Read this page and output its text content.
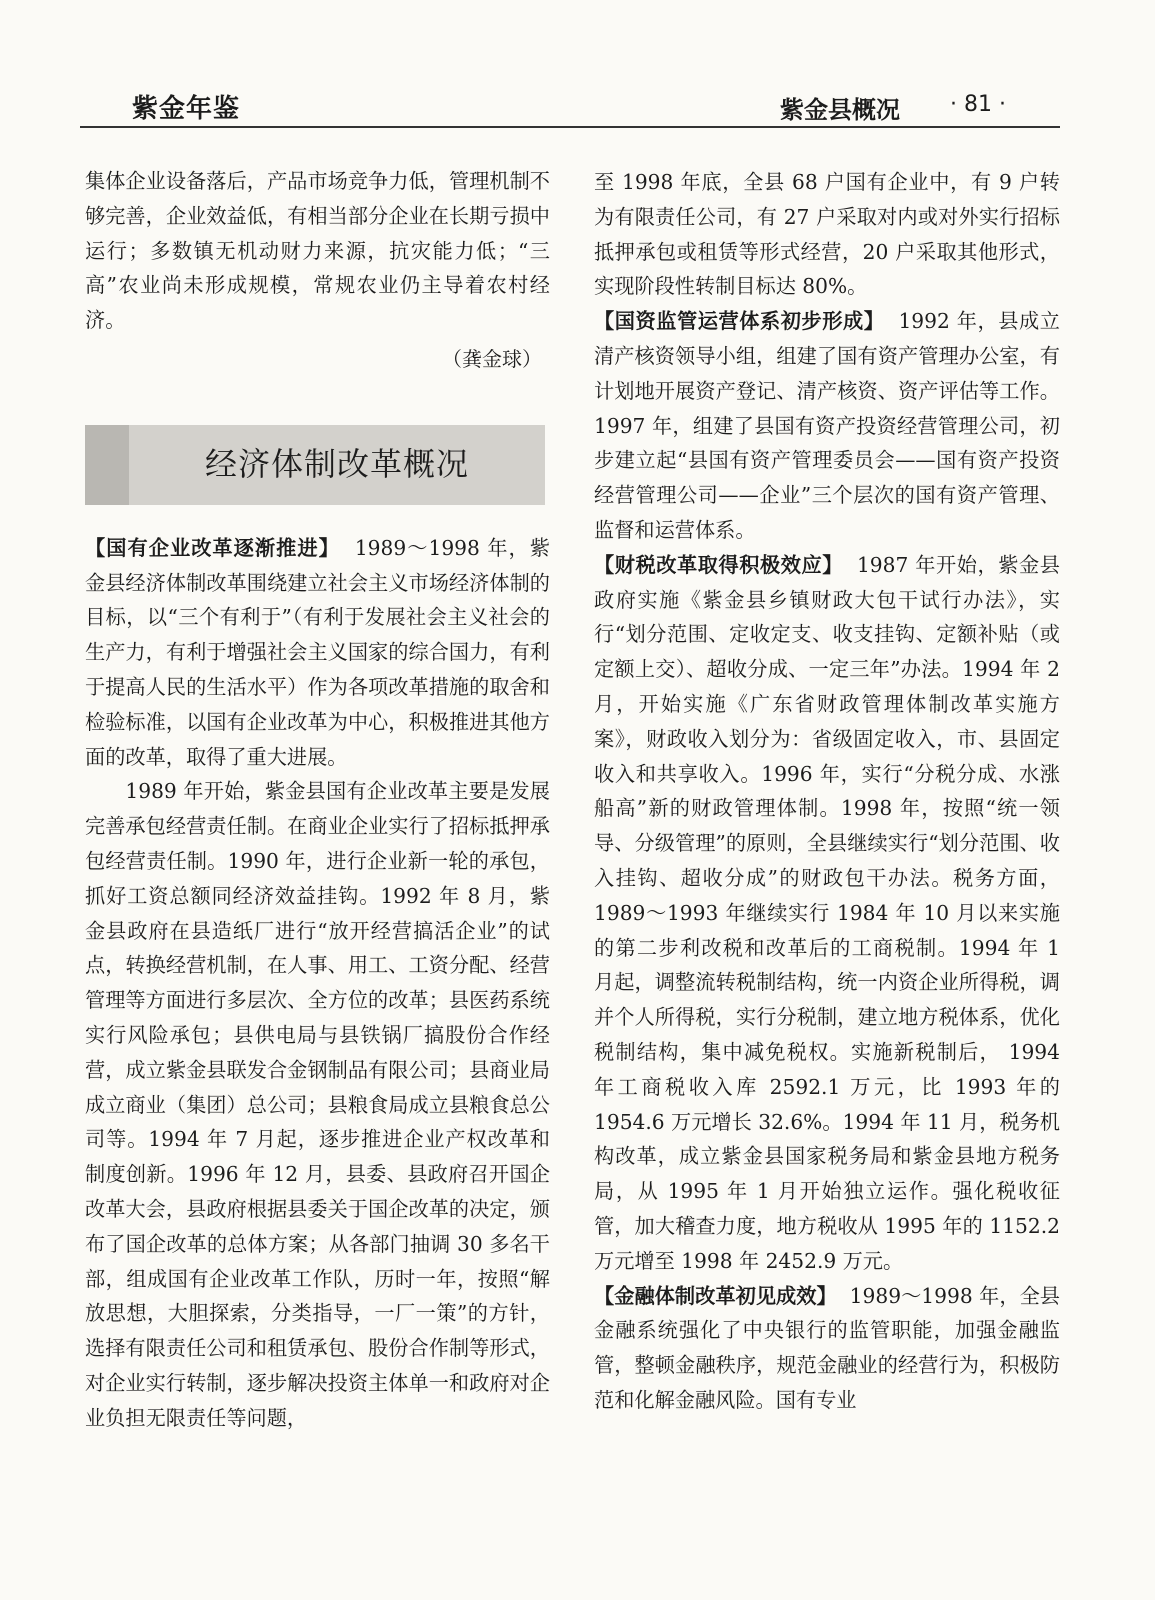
紫金年鉴	紫金县概况 · 81 ·

集体企业设备落后，产品市场竞争力低，管理机制不够完善，企业效益低，有相当部分企业在长期亏损中运行；多数镇无机动财力来源，抗灾能力低；“三高”农业尚未形成规模，常规农业仍主导着农村经济。

（龚金球）
经济体制改革概况

【国有企业改革逐渐推进】 1989～1998 年，紫金县经济体制改革围绕建立社会主义市场经济体制的目标，以“三个有利于”（有利于发展社会主义社会的生产力，有利于增强社会主义国家的综合国力，有利于提高人民的生活水平）作为各项改革措施的取舍和检验标准，以国有企业改革为中心，积极推进其他方面的改革，取得了重大进展。

1989 年开始，紫金县国有企业改革主要是发展完善承包经营责任制。在商业企业实行了招标抵押承包经营责任制。1990 年，进行企业新一轮的承包，抓好工资总额同经济效益挂钩。1992 年 8 月，紫金县政府在县造纸厂进行“放开经营搞活企业”的试点，转换经营机制，在人事、用工、工资分配、经营管理等方面进行多层次、全方位的改革；县医药系统实行风险承包；县供电局与县铁锅厂搞股份合作经营，成立紫金县联发合金钢制品有限公司；县商业局成立商业（集团）总公司；县粮食局成立县粮食总公司等。1994 年 7 月起，逐步推进企业产权改革和制度创新。1996 年 12 月，县委、县政府召开国企改革大会，县政府根据县委关于国企改革的决定，颁布了国企改革的总体方案；从各部门抽调 30 多名干部，组成国有企业改革工作队，历时一年，按照“解放思想，大胆探索，分类指导，一厂一策”的方针，选择有限责任公司和租赁承包、股份合作制等形式，对企业实行转制，逐步解决投资主体单一和政府对企业负担无限责任等问题，

至 1998 年底，全县 68 户国有企业中，有 9 户转为有限责任公司，有 27 户采取对内或对外实行招标抵押承包或租赁等形式经营，20 户采取其他形式，实现阶段性转制目标达 80%。

【国资监管运营体系初步形成】 1992 年，县成立清产核资领导小组，组建了国有资产管理办公室，有计划地开展资产登记、清产核资、资产评估等工作。1997 年，组建了县国有资产投资经营管理公司，初步建立起“县国有资产管理委员会——国有资产投资经营管理公司——企业”三个层次的国有资产管理、监督和运营体系。

【财税改革取得积极效应】 1987 年开始，紫金县政府实施《紫金县乡镇财政大包干试行办法》，实行“划分范围、定收定支、收支挂钩、定额补贴（或定额上交）、超收分成、一定三年”办法。1994 年 2 月，开始实施《广东省财政管理体制改革实施方案》，财政收入划分为：省级固定收入，市、县固定收入和共享收入。1996 年，实行“分税分成、水涨船高”新的财政管理体制。1998 年，按照“统一领导、分级管理”的原则，全县继续实行“划分范围、收入挂钩、超收分成”的财政包干办法。税务方面，1989～1993 年继续实行 1984 年 10 月以来实施的第二步利改税和改革后的工商税制。1994 年 1 月起，调整流转税制结构，统一内资企业所得税，调并个人所得税，实行分税制，建立地方税体系，优化税制结构，集中减免税权。实施新税制后， 1994 年工商税收入库 2592.1 万元，比 1993 年的 1954.6 万元增长 32.6%。1994 年 11 月，税务机构改革，成立紫金县国家税务局和紫金县地方税务局，从 1995 年 1 月开始独立运作。强化税收征管，加大稽查力度，地方税收从 1995 年的 1152.2 万元增至 1998 年 2452.9 万元。

【金融体制改革初见成效】 1989～1998 年，全县金融系统强化了中央银行的监管职能，加强金融监管，整顿金融秩序，规范金融业的经营行为，积极防范和化解金融风险。国有专业
